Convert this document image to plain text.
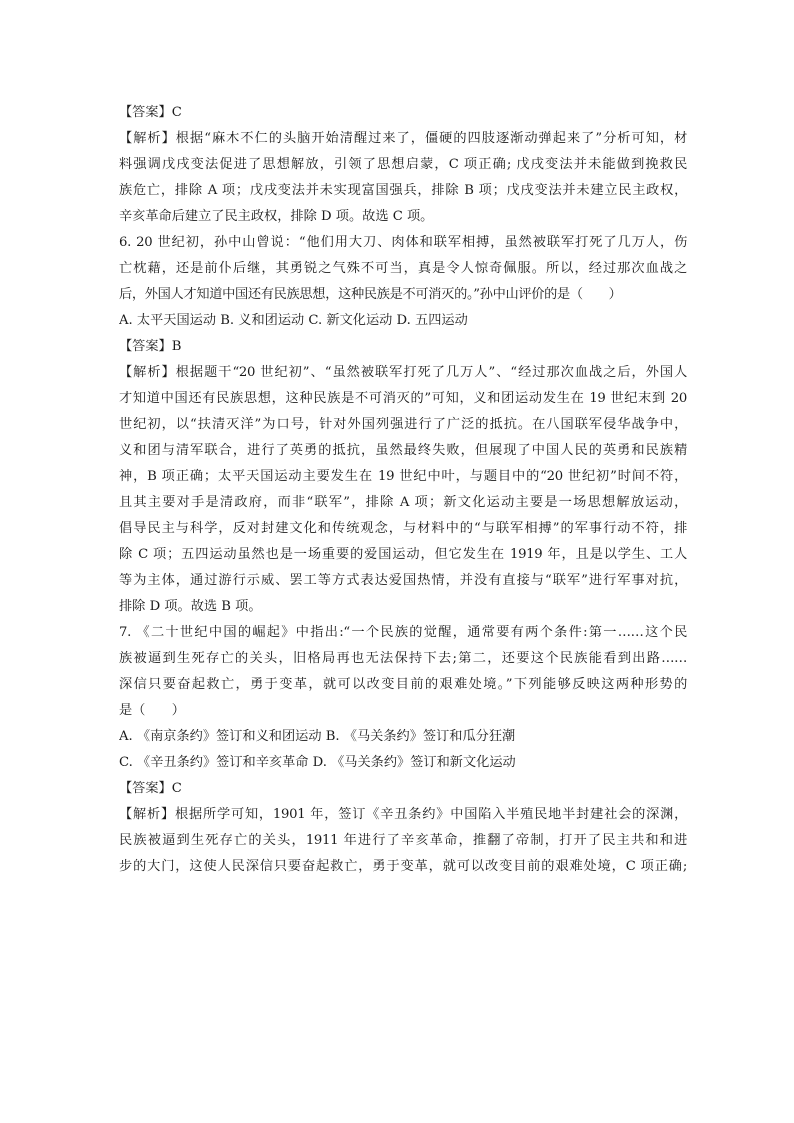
【答案】C
【解析】根据“麻木不仁的头脑开始清醒过来了，僵硬的四肢逐渐动弹起来了”分析可知，材
料强调戊戌变法促进了思想解放，引领了思想启蒙，C 项正确; 戊戌变法并未能做到挽救民
族危亡，排除 A 项；戊戌变法并未实现富国强兵，排除 B 项；戊戌变法并未建立民主政权，
辛亥革命后建立了民主政权，排除 D 项。故选 C 项。
6. 20 世纪初，孙中山曾说：“他们用大刀、肉体和联军相搏，虽然被联军打死了几万人，伤
亡枕藉，还是前仆后继，其勇锐之气殊不可当，真是令人惊奇佩服。所以，经过那次血战之
后，外国人才知道中国还有民族思想，这种民族是不可消灭的。”孙中山评价的是（　　）
A. 太平天国运动 B. 义和团运动 C. 新文化运动 D. 五四运动
【答案】B
【解析】根据题干“20 世纪初”、“虽然被联军打死了几万人”、“经过那次血战之后，外国人
才知道中国还有民族思想，这种民族是不可消灭的”可知，义和团运动发生在 19 世纪末到 20
世纪初，以“扶清灭洋”为口号，针对外国列强进行了广泛的抵抗。在八国联军侵华战争中，
义和团与清军联合，进行了英勇的抵抗，虽然最终失败，但展现了中国人民的英勇和民族精
神，B 项正确；太平天国运动主要发生在 19 世纪中叶，与题目中的“20 世纪初”时间不符，
且其主要对手是清政府，而非“联军”，排除 A 项；新文化运动主要是一场思想解放运动，
倡导民主与科学，反对封建文化和传统观念，与材料中的“与联军相搏”的军事行动不符，排
除 C 项；五四运动虽然也是一场重要的爱国运动，但它发生在 1919 年，且是以学生、工人
等为主体，通过游行示威、罢工等方式表达爱国热情，并没有直接与“联军”进行军事对抗，
排除 D 项。故选 B 项。
7. 《二十世纪中国的崛起》中指出:“一个民族的觉醒，通常要有两个条件:第一……这个民
族被逼到生死存亡的关头，旧格局再也无法保持下去;第二，还要这个民族能看到出路……
深信只要奋起救亡，勇于变革，就可以改变目前的艰难处境。”下列能够反映这两种形势的
是（　　）
A. 《南京条约》签订和义和团运动 B. 《马关条约》签订和瓜分狂潮
C. 《辛丑条约》签订和辛亥革命 D. 《马关条约》签订和新文化运动
【答案】C
【解析】根据所学可知，1901 年，签订《辛丑条约》中国陷入半殖民地半封建社会的深渊，
民族被逼到生死存亡的关头，1911 年进行了辛亥革命，推翻了帝制，打开了民主共和和进
步的大门，这使人民深信只要奋起救亡，勇于变革，就可以改变目前的艰难处境，C 项正确;
